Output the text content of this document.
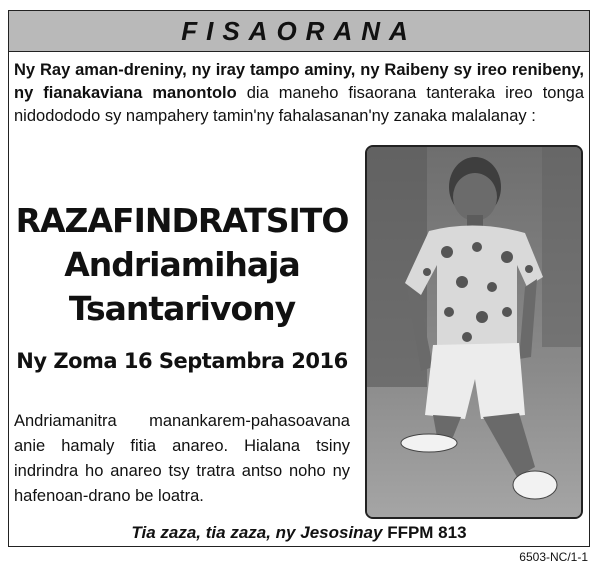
FISAORANA
Ny Ray aman-dreniny, ny iray tampo aminy, ny Raibeny sy ireo renibeny, ny fianakaviana manontolo dia maneho fisaorana tanteraka ireo tonga nidodododo sy nampahery tamin'ny fahalasanan'ny zanaka malalanay :
RAZAFINDRATSITO
Andriamihaja
Tsantarivony
Ny Zoma 16 Septambra 2016
Andriamanitra manankarem-pahasoavana anie hamaly fitia anareo. Hialana tsiny indrindra ho anareo tsy tratra antso noho ny hafenoan-drano be loatra.
Tia zaza, tia zaza, ny Jesosinay FFPM 813
6503-NC/1-1
